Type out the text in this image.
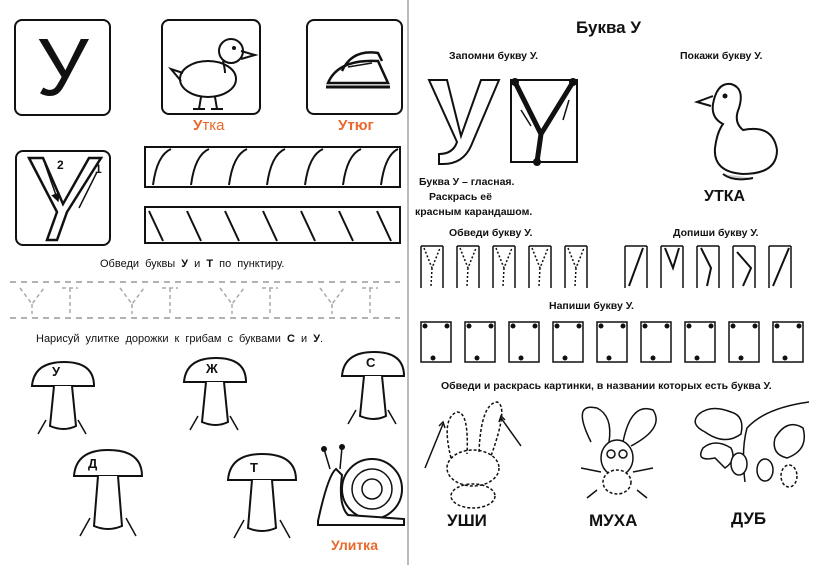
У
Утка	Утюг
2	1
Обведи буквы У и Т по пунктиру.
Нарисуй улитке дорожки к грибам с буквами С и У.
У	Ж	С
Д	Т
Улитка
Буква У
Запомни букву У.	Покажи букву У.
Буква У – гласная.
Раскрась её
красным карандашом.
УТКА
Обведи букву У.	Допиши букву У.
Напиши букву У.
Обведи и раскрась картинки, в названии которых есть буква У.
УШИ	МУХА	ДУБ
